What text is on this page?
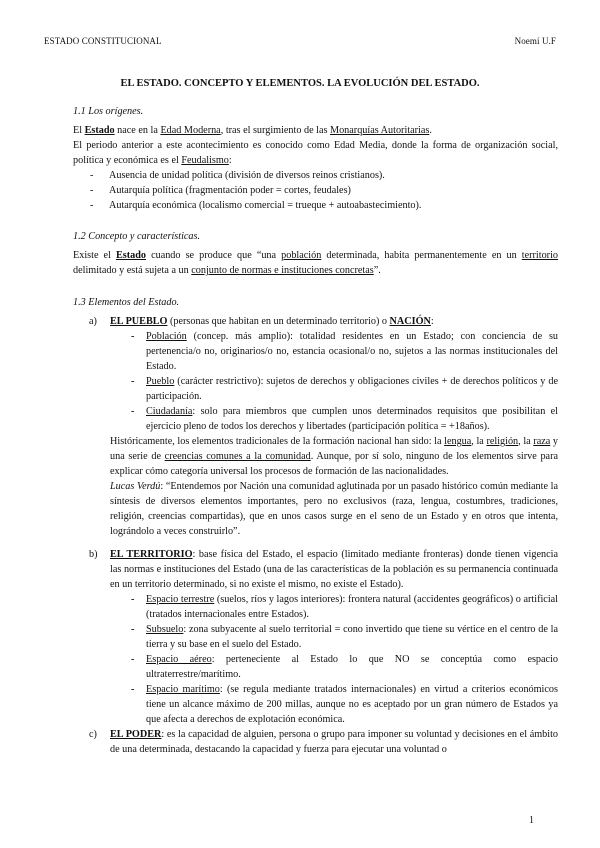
ESTADO CONSTITUCIONAL	Noemí U.F
EL ESTADO. CONCEPTO Y ELEMENTOS. LA EVOLUCIÓN DEL ESTADO.

1.1 Los orígenes.

El Estado nace en la Edad Moderna, tras el surgimiento de las Monarquías Autoritarias.

El periodo anterior a este acontecimiento es conocido como Edad Media, donde la forma de organización social, política y económica es el Feudalismo:

- Ausencia de unidad política (división de diversos reinos cristianos).
- Autarquía política (fragmentación poder = cortes, feudales)
- Autarquía económica (localismo comercial = trueque + autoabastecimiento).

1.2 Concepto y características.

Existe el Estado cuando se produce que “una población determinada, habita permanentemente en un territorio delimitado y está sujeta a un conjunto de normas e instituciones concretas”.

1.3 Elementos del Estado.

a) EL PUEBLO (personas que habitan en un determinado territorio) o NACIÓN:

- Población (concep. más amplio): totalidad residentes en un Estado; con conciencia de su pertenencia/o no, originarios/o no, estancia ocasional/o no, sujetos a las normas institucionales del Estado.
- Pueblo (carácter restrictivo): sujetos de derechos y obligaciones civiles + de derechos políticos y de participación.
- Ciudadanía: solo para miembros que cumplen unos determinados requisitos que posibilitan el ejercicio pleno de todos los derechos y libertades (participación política = +18años).

Históricamente, los elementos tradicionales de la formación nacional han sido: la lengua, la religión, la raza y una serie de creencias comunes a la comunidad. Aunque, por sí solo, ninguno de los elementos sirve para explicar cómo categoría universal los procesos de formación de las nacionalidades.

Lucas Verdú: “Entendemos por Nación una comunidad aglutinada por un pasado histórico común mediante la síntesis de diversos elementos importantes, pero no exclusivos (raza, lengua, costumbres, tradiciones, religión, creencias compartidas), que en unos casos surge en el seno de un Estado y en otros que intenta, lográndolo a veces construirlo”.

b) EL TERRITORIO: base física del Estado, el espacio (limitado mediante fronteras) donde tienen vigencia las normas e instituciones del Estado (una de las características de la población es su permanencia continuada en un territorio determinado, si no existe el mismo, no existe el Estado).

- Espacio terrestre (suelos, ríos y lagos interiores): frontera natural (accidentes geográficos) o artificial (tratados internacionales entre Estados).
- Subsuelo: zona subyacente al suelo territorial = cono invertido que tiene su vértice en el centro de la tierra y su base en el suelo del Estado.
- Espacio aéreo: perteneciente al Estado lo que NO se conceptúa como espacio ultraterrestre/marítimo.
- Espacio marítimo: (se regula mediante tratados internacionales) en virtud a criterios económicos tiene un alcance máximo de 200 millas, aunque no es aceptado por un gran número de Estados ya que afecta a derechos de explotación económica.
c) EL PODER: es la capacidad de alguien, persona o grupo para imponer su voluntad y decisiones en el ámbito de una determinada, destacando la capacidad y fuerza para ejecutar una voluntad o

1
